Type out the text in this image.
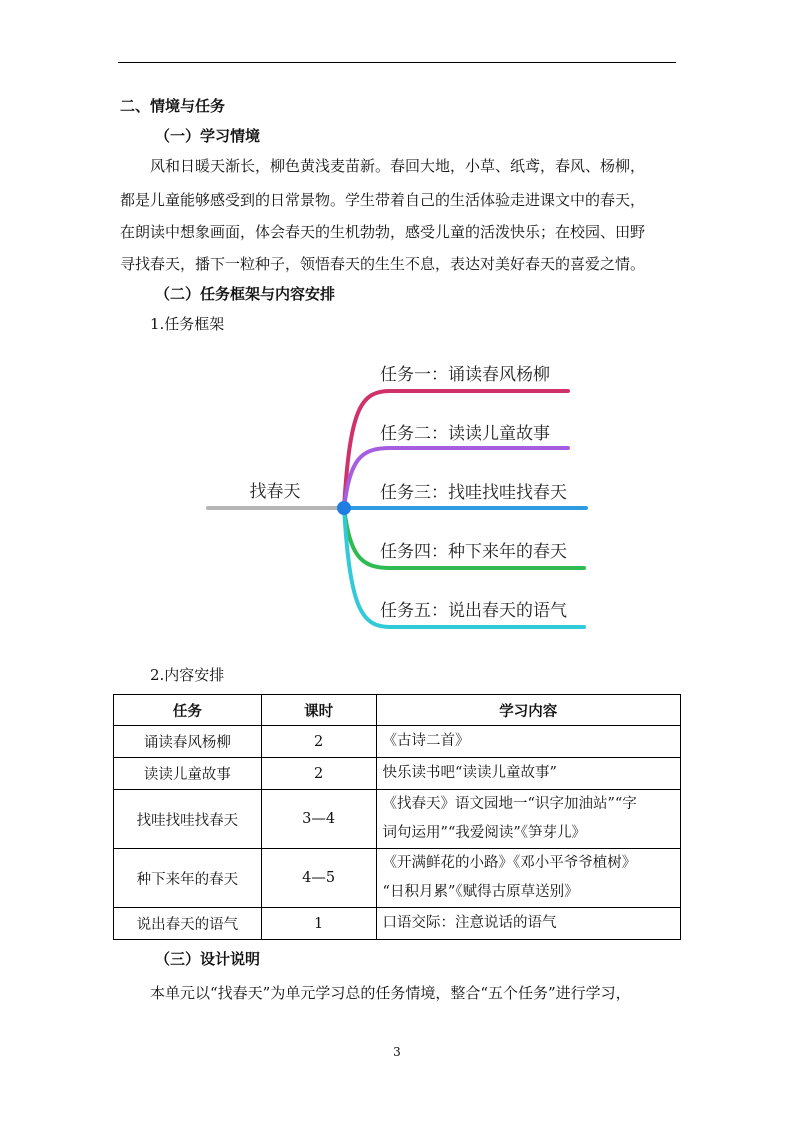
二、情境与任务
（一）学习情境
风和日暖天渐长，柳色黄浅麦苗新。春回大地，小草、纸鸢，春风、杨柳，
都是儿童能够感受到的日常景物。学生带着自己的生活体验走进课文中的春天，
在朗读中想象画面，体会春天的生机勃勃，感受儿童的活泼快乐；在校园、田野
寻找春天，播下一粒种子，领悟春天的生生不息，表达对美好春天的喜爱之情。
（二）任务框架与内容安排
1.任务框架
找春天
任务一：诵读春风杨柳
任务二：读读儿童故事
任务三：找哇找哇找春天
任务四：种下来年的春天
任务五：说出春天的语气
2.内容安排
任务	课时	学习内容
诵读春风杨柳	2	《古诗二首》

读读儿童故事	2	快乐读书吧“读读儿童故事”

找哇找哇找春天	3—4	《找春天》语文园地一“识字加油站”“字
词句运用”“我爱阅读”《笋芽儿》

种下来年的春天	4—5	《开满鲜花的小路》《邓小平爷爷植树》
“日积月累”《赋得古原草送别》

说出春天的语气	1	口语交际：注意说话的语气
（三）设计说明
本单元以“找春天”为单元学习总的任务情境，整合“五个任务”进行学习，
3
